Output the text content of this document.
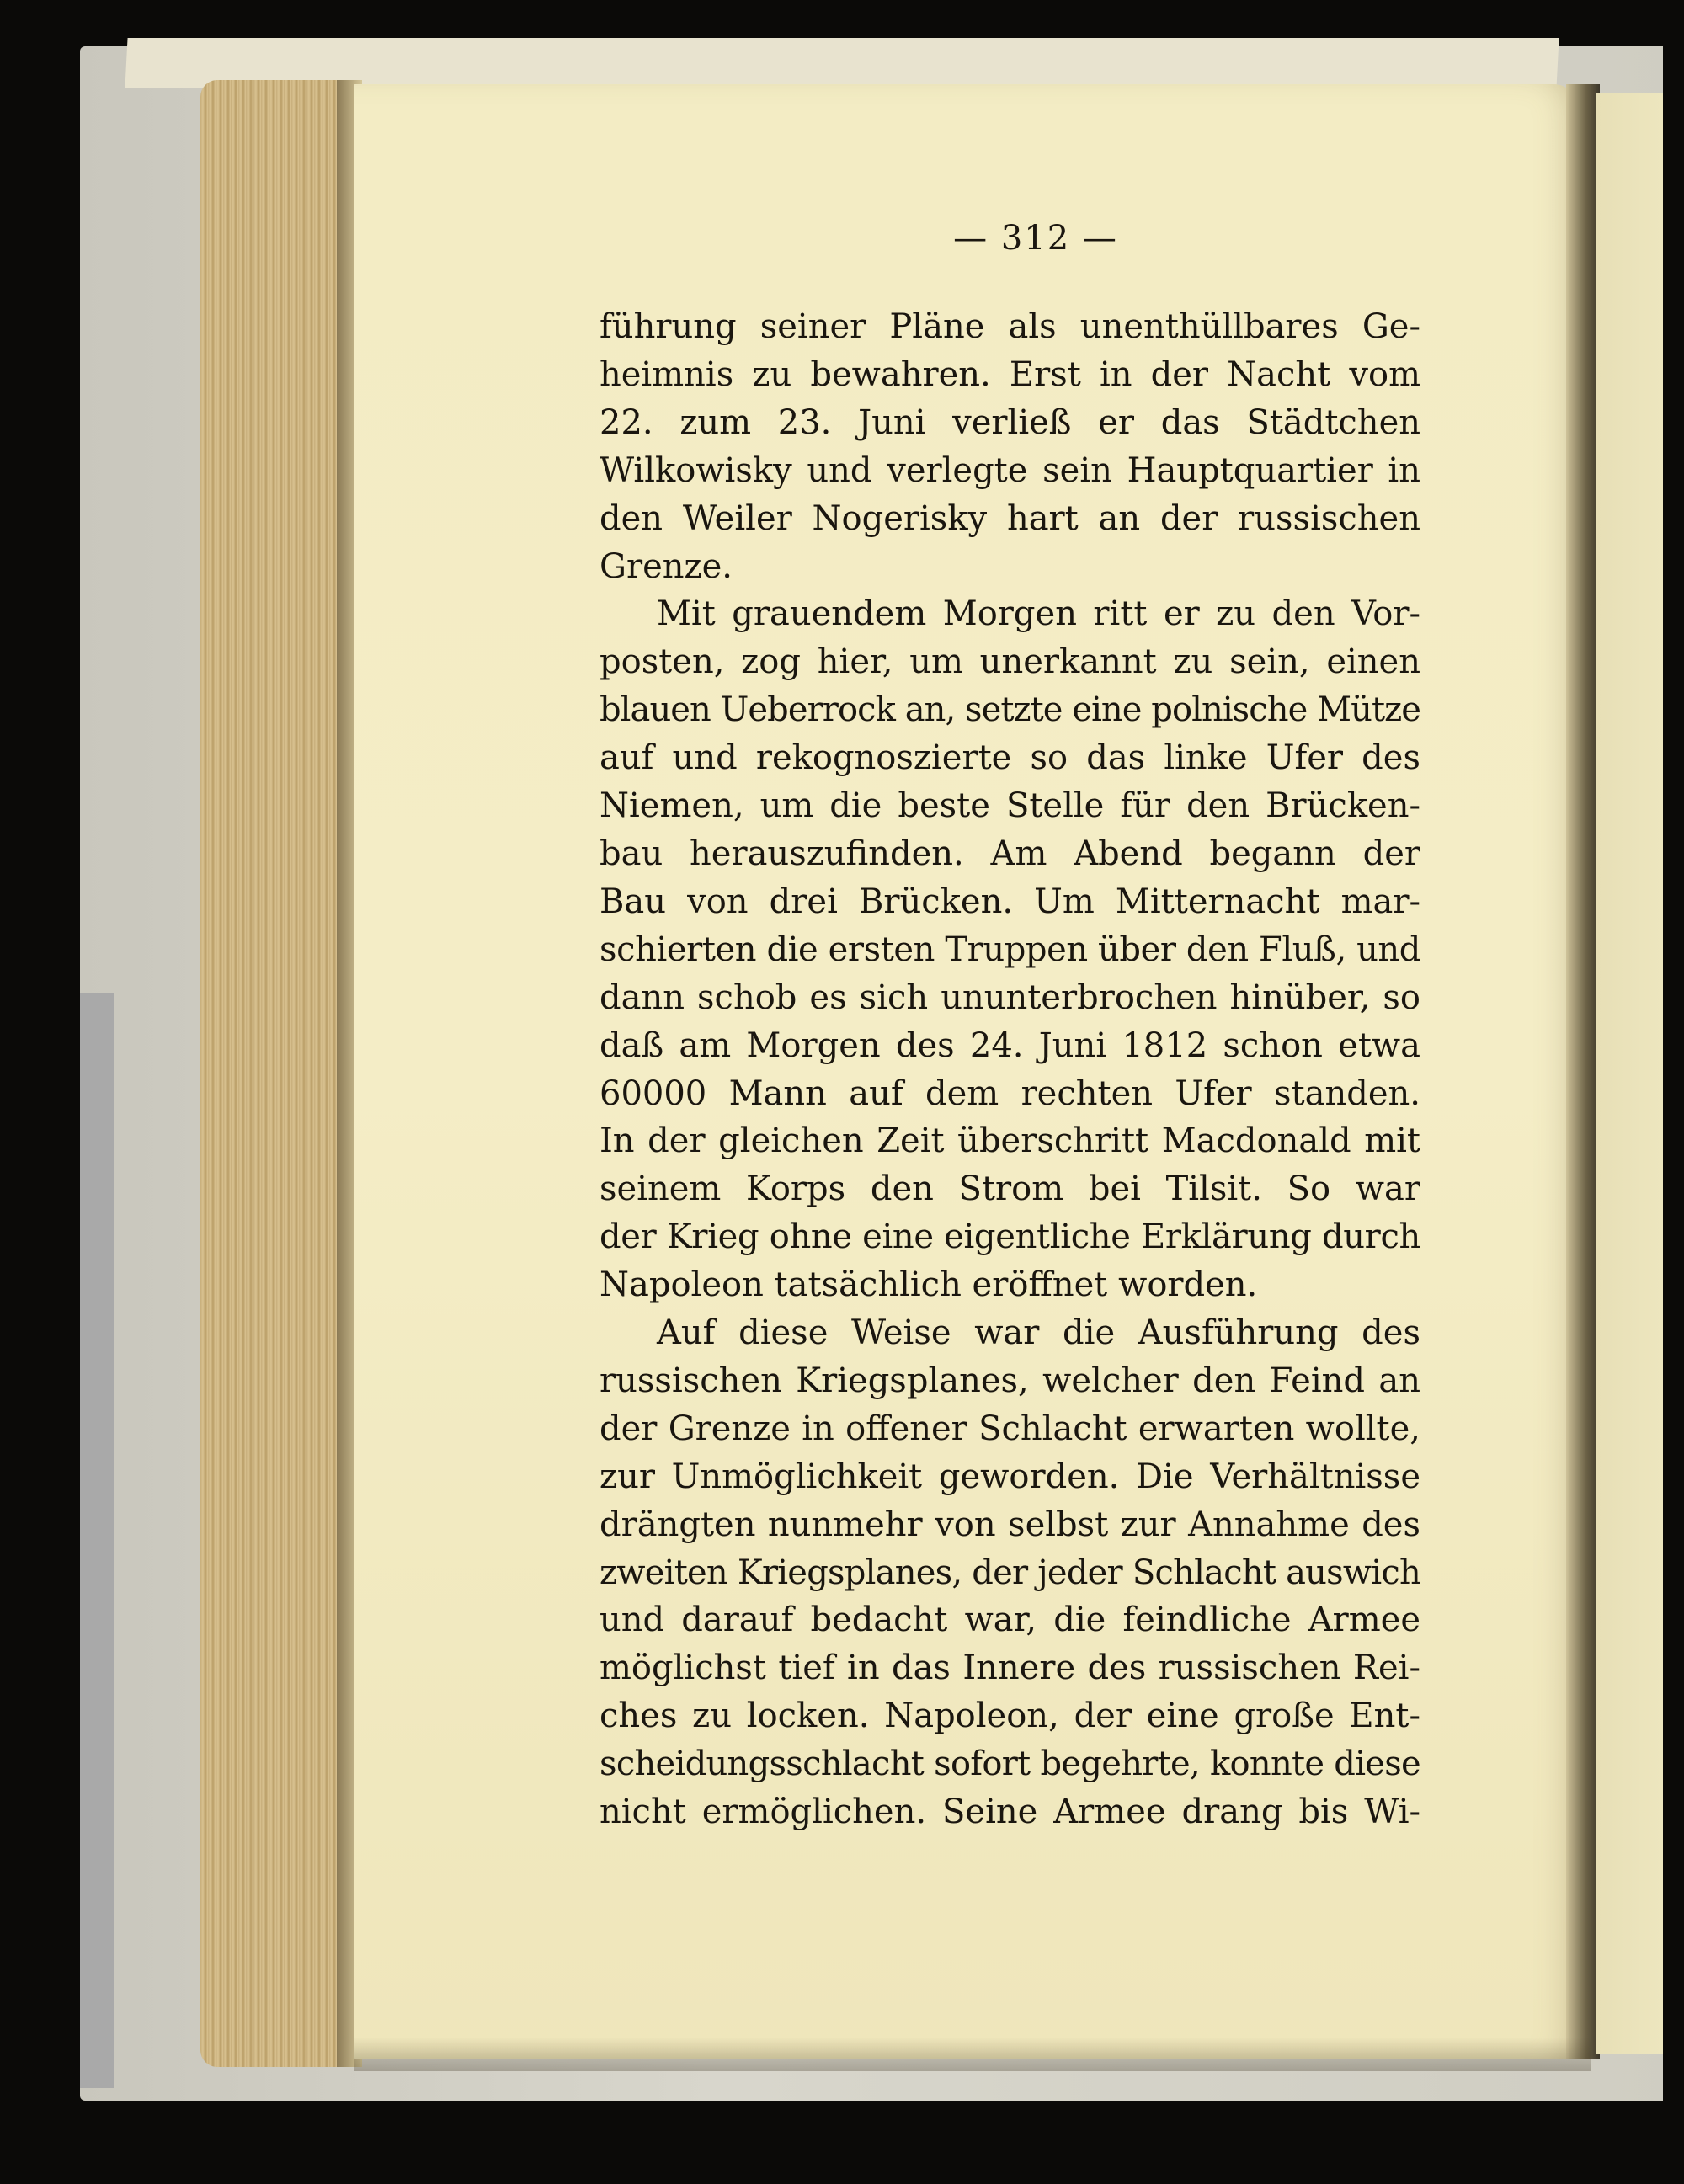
— 312 —
führung seiner Pläne als unenthüllbares Ge-
heimnis zu bewahren. Erst in der Nacht vom
22. zum 23. Juni verließ er das Städtchen
Wilkowisky und verlegte sein Hauptquartier in
den Weiler Nogerisky hart an der russischen
Grenze.
Mit grauendem Morgen ritt er zu den Vor-
posten, zog hier, um unerkannt zu sein, einen
blauen Ueberrock an, setzte eine polnische Mütze
auf und rekognoszierte so das linke Ufer des
Niemen, um die beste Stelle für den Brücken-
bau herauszufinden. Am Abend begann der
Bau von drei Brücken. Um Mitternacht mar-
schierten die ersten Truppen über den Fluß, und
dann schob es sich ununterbrochen hinüber, so
daß am Morgen des 24. Juni 1812 schon etwa
60000 Mann auf dem rechten Ufer standen.
In der gleichen Zeit überschritt Macdonald mit
seinem Korps den Strom bei Tilsit. So war
der Krieg ohne eine eigentliche Erklärung durch
Napoleon tatsächlich eröffnet worden.
Auf diese Weise war die Ausführung des
russischen Kriegsplanes, welcher den Feind an
der Grenze in offener Schlacht erwarten wollte,
zur Unmöglichkeit geworden. Die Verhältnisse
drängten nunmehr von selbst zur Annahme des
zweiten Kriegsplanes, der jeder Schlacht auswich
und darauf bedacht war, die feindliche Armee
möglichst tief in das Innere des russischen Rei-
ches zu locken. Napoleon, der eine große Ent-
scheidungsschlacht sofort begehrte, konnte diese
nicht ermöglichen. Seine Armee drang bis Wi-
